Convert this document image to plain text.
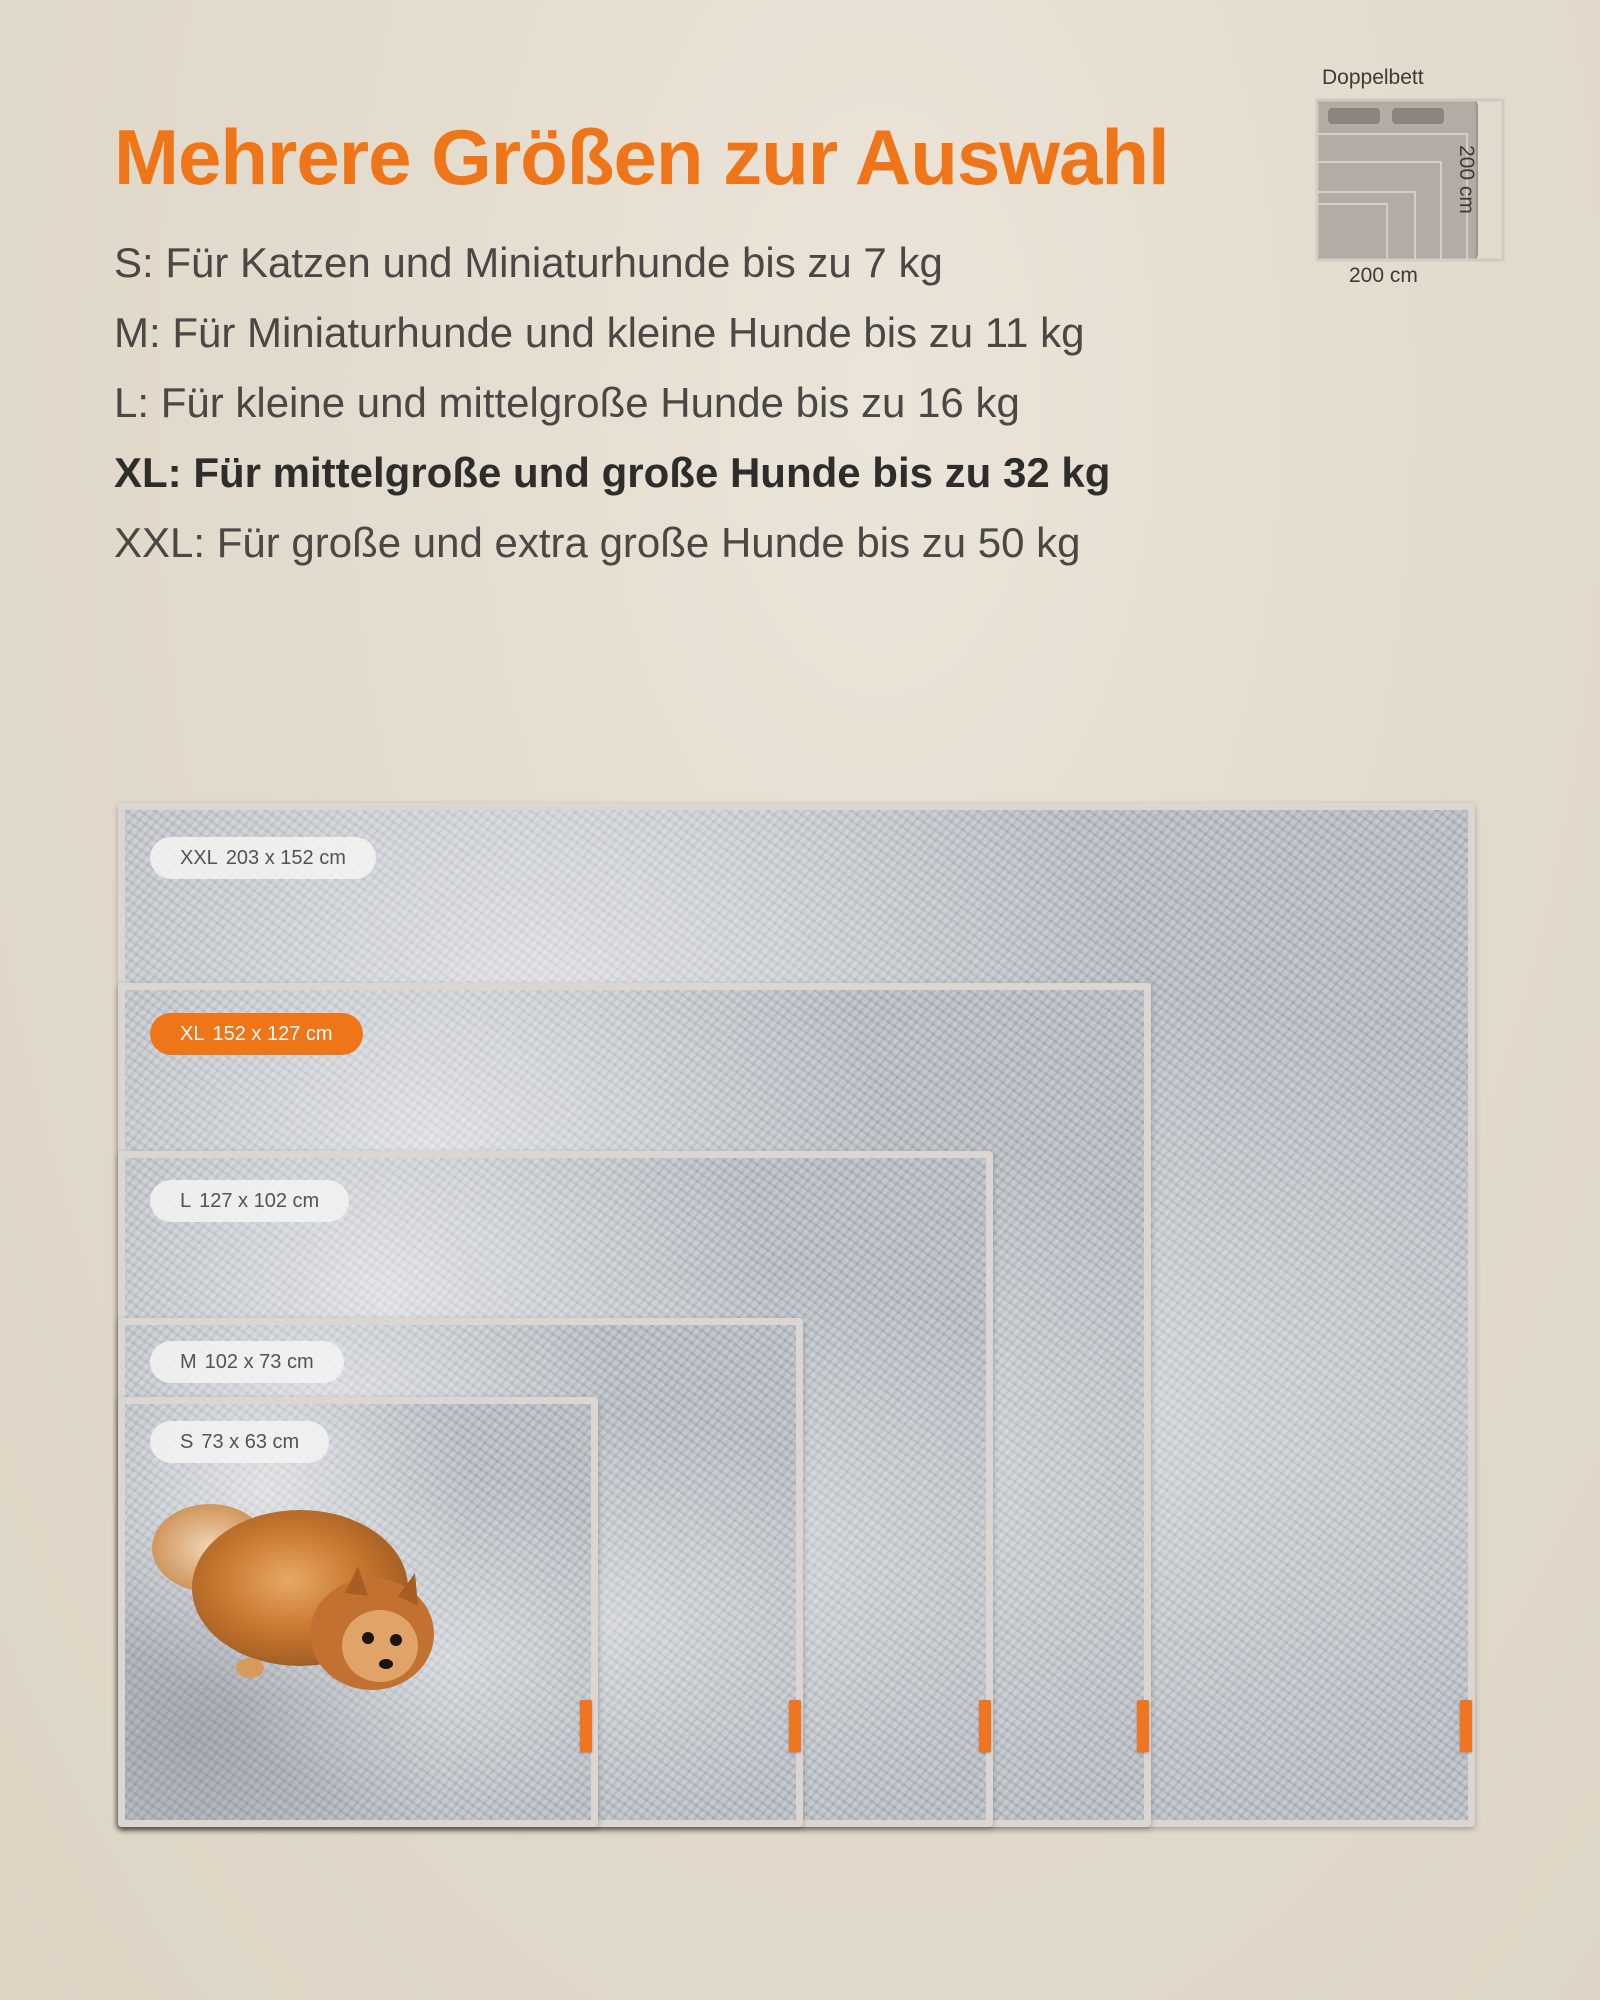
Mehrere Größen zur Auswahl
S: Für Katzen und Miniaturhunde bis zu 7 kg
M: Für Miniaturhunde und kleine Hunde bis zu 11 kg
L: Für kleine und mittelgroße Hunde bis zu 16 kg
XL: Für mittelgroße und große Hunde bis zu 32 kg
XXL: Für große und extra große Hunde bis zu 50 kg
Doppelbett
200 cm
200 cm
XXL 203 x 152 cm
XL 152 x 127 cm
L 127 x 102 cm
M 102 x 73 cm
S 73 x 63 cm
